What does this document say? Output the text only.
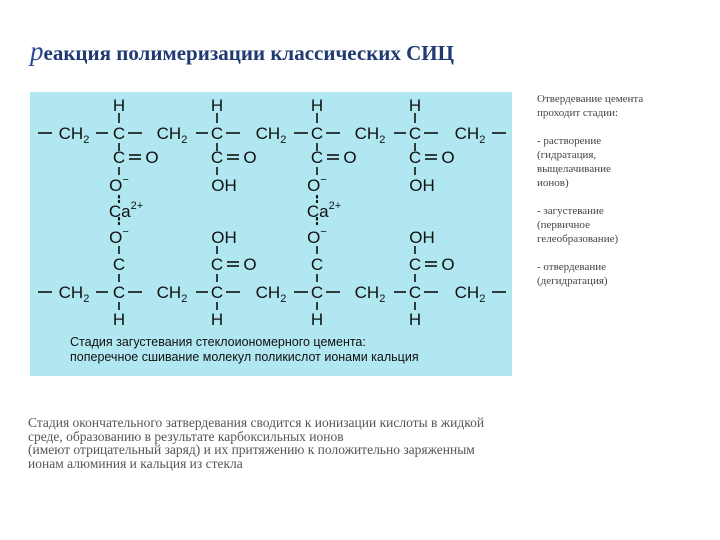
реакция полимеризации классических СИЦ
H	H	H	H
$CH_2$ C $CH_2$ C $CH_2$ C $CH_2$ C $CH_2$
C O	C O	C O	C O
O−	OH	O−	OH
$Ca^{2+}$	$Ca^{2+}$
O−	OH	O−	OH
C	C O	C	C O
$CH_2$ C $CH_2$ C $CH_2$ C $CH_2$ C $CH_2$
H	H	H	H
Стадия загустевания стеклоиономерного цемента:
поперечное сшивание молекул поликислот ионами кальция

Отвердевание цемента
проходит стадии:

- растворение
(гидратация,
выщелачивание
ионов)

- загустевание
(первичное
гелеобразование)

- отвердевание
(дегидратация)

Стадия окончательного затвердевания сводится к ионизации кислоты в жидкой
среде, образованию в результате карбоксильных ионов
(имеют отрицательный заряд) и их притяжению к положительно заряженным
ионам алюминия и кальция из стекла
